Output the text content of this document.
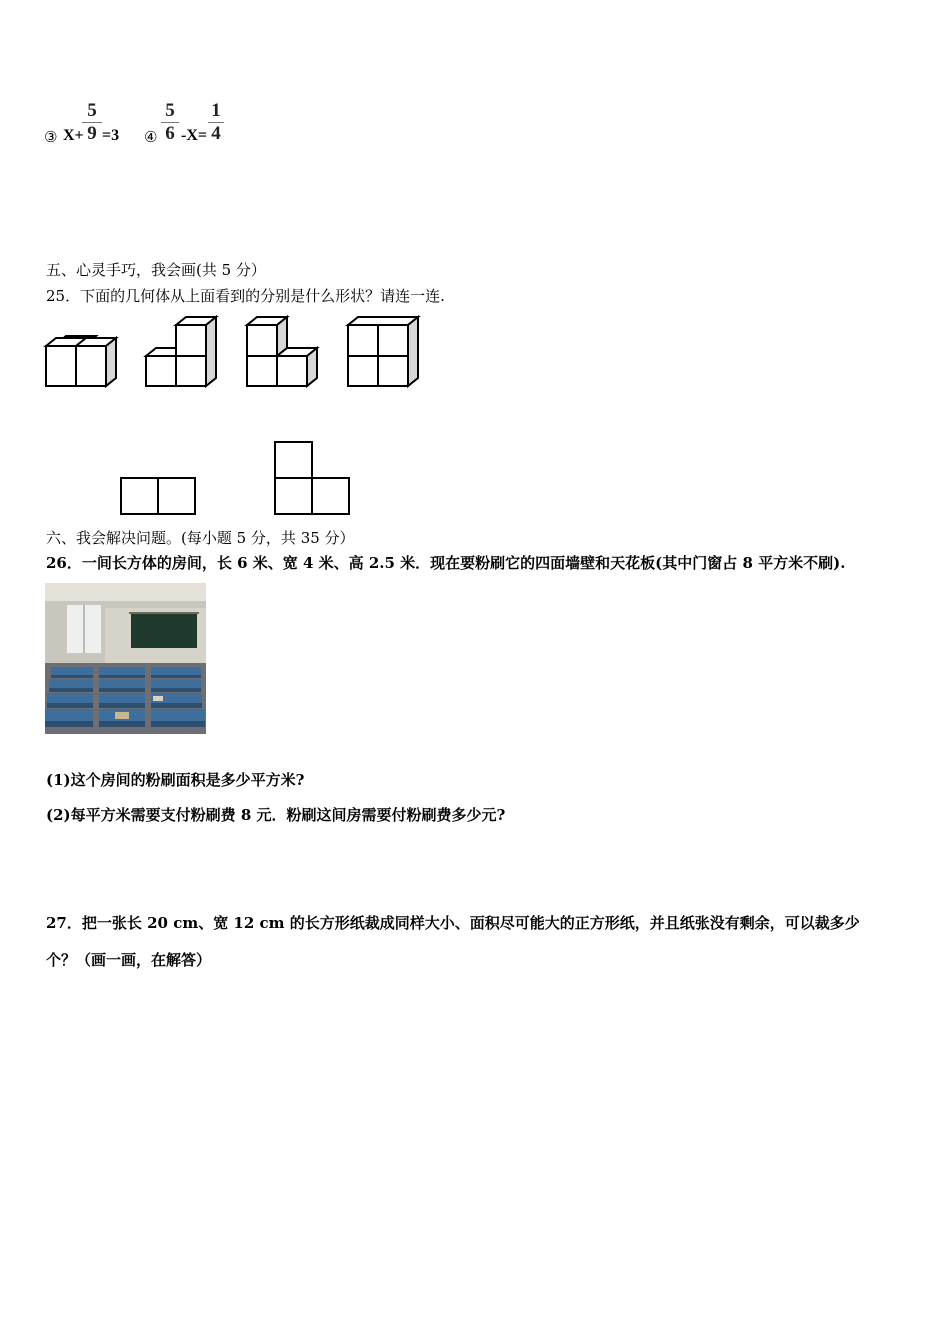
③ X+
5
9 =3 ④
5
6 -X=
1
4
五、心灵手巧，我会画(共 5 分）
25．下面的几何体从上面看到的分别是什么形状？请连一连.
六、我会解决问题。(每小题 5 分，共 35 分）
26．一间长方体的房间，长 6 米、宽 4 米、高 2.5 米．现在要粉刷它的四面墙壁和天花板(其中门窗占 8 平方米不刷).
(1)这个房间的粉刷面积是多少平方米?
(2)每平方米需要支付粉刷费 8 元．粉刷这间房需要付粉刷费多少元?
27．把一张长 20 cm、宽 12 cm 的长方形纸裁成同样大小、面积尽可能大的正方形纸，并且纸张没有剩余，可以裁多少
个？（画一画，在解答）
